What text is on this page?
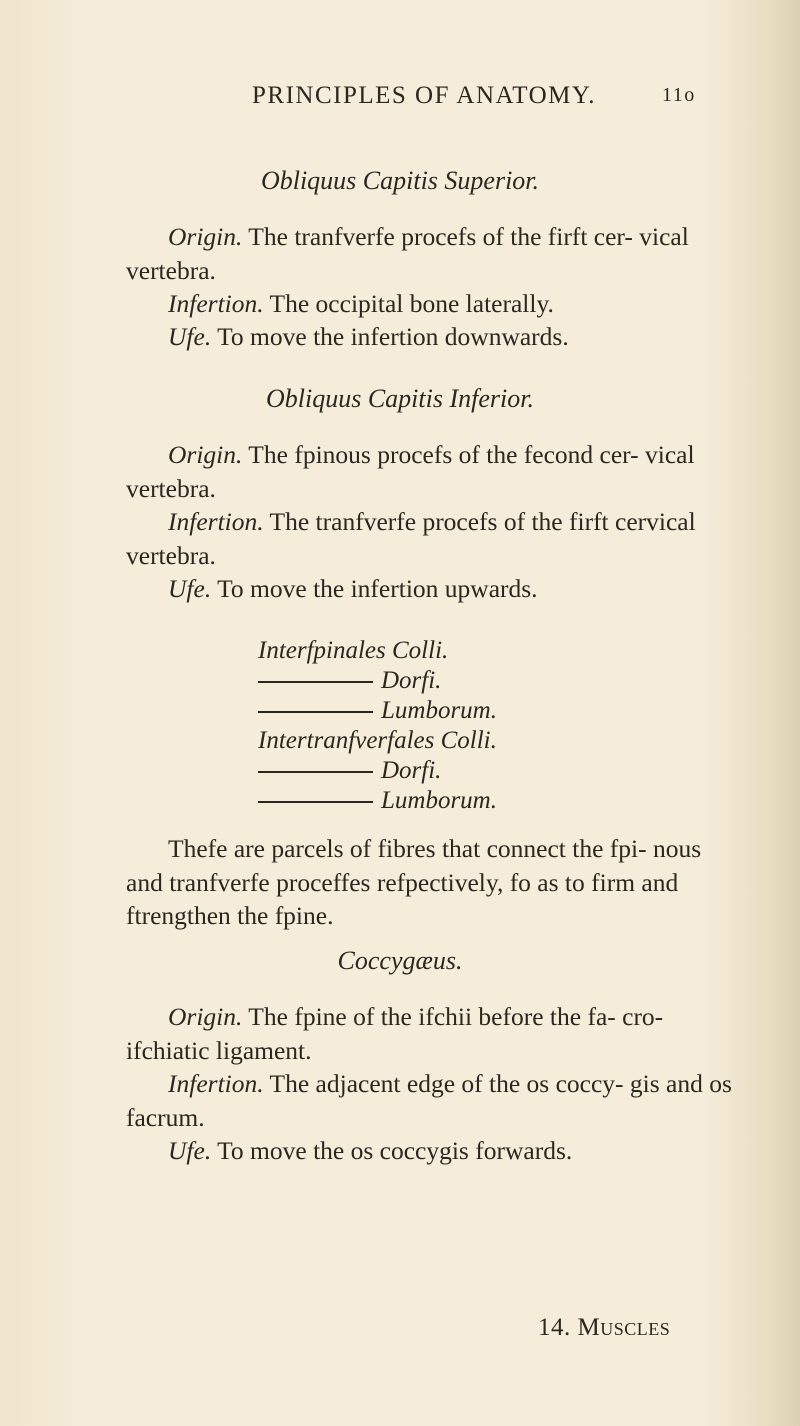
PRINCIPLES OF ANATOMY.	11o
Obliquus Capitis Superior.
Origin. The tranfverfe procefs of the firft cer- vical vertebra.
Infertion. The occipital bone laterally.
Ufe. To move the infertion downwards.
Obliquus Capitis Inferior.
Origin. The fpinous procefs of the fecond cer- vical vertebra.
Infertion. The tranfverfe procefs of the firft cervical vertebra.
Ufe. To move the infertion upwards.
Interfpinales Colli.
Dorfi.
Lumborum.
Intertranfverfales Colli.
Dorfi.
Lumborum.
Thefe are parcels of fibres that connect the fpi- nous and tranfverfe proceffes refpectively, fo as to firm and ftrengthen the fpine.
Coccygæus.
Origin. The fpine of the ifchii before the fa- cro-ifchiatic ligament.
Infertion. The adjacent edge of the os coccy- gis and os facrum.
Ufe. To move the os coccygis forwards.
14. Muscles
